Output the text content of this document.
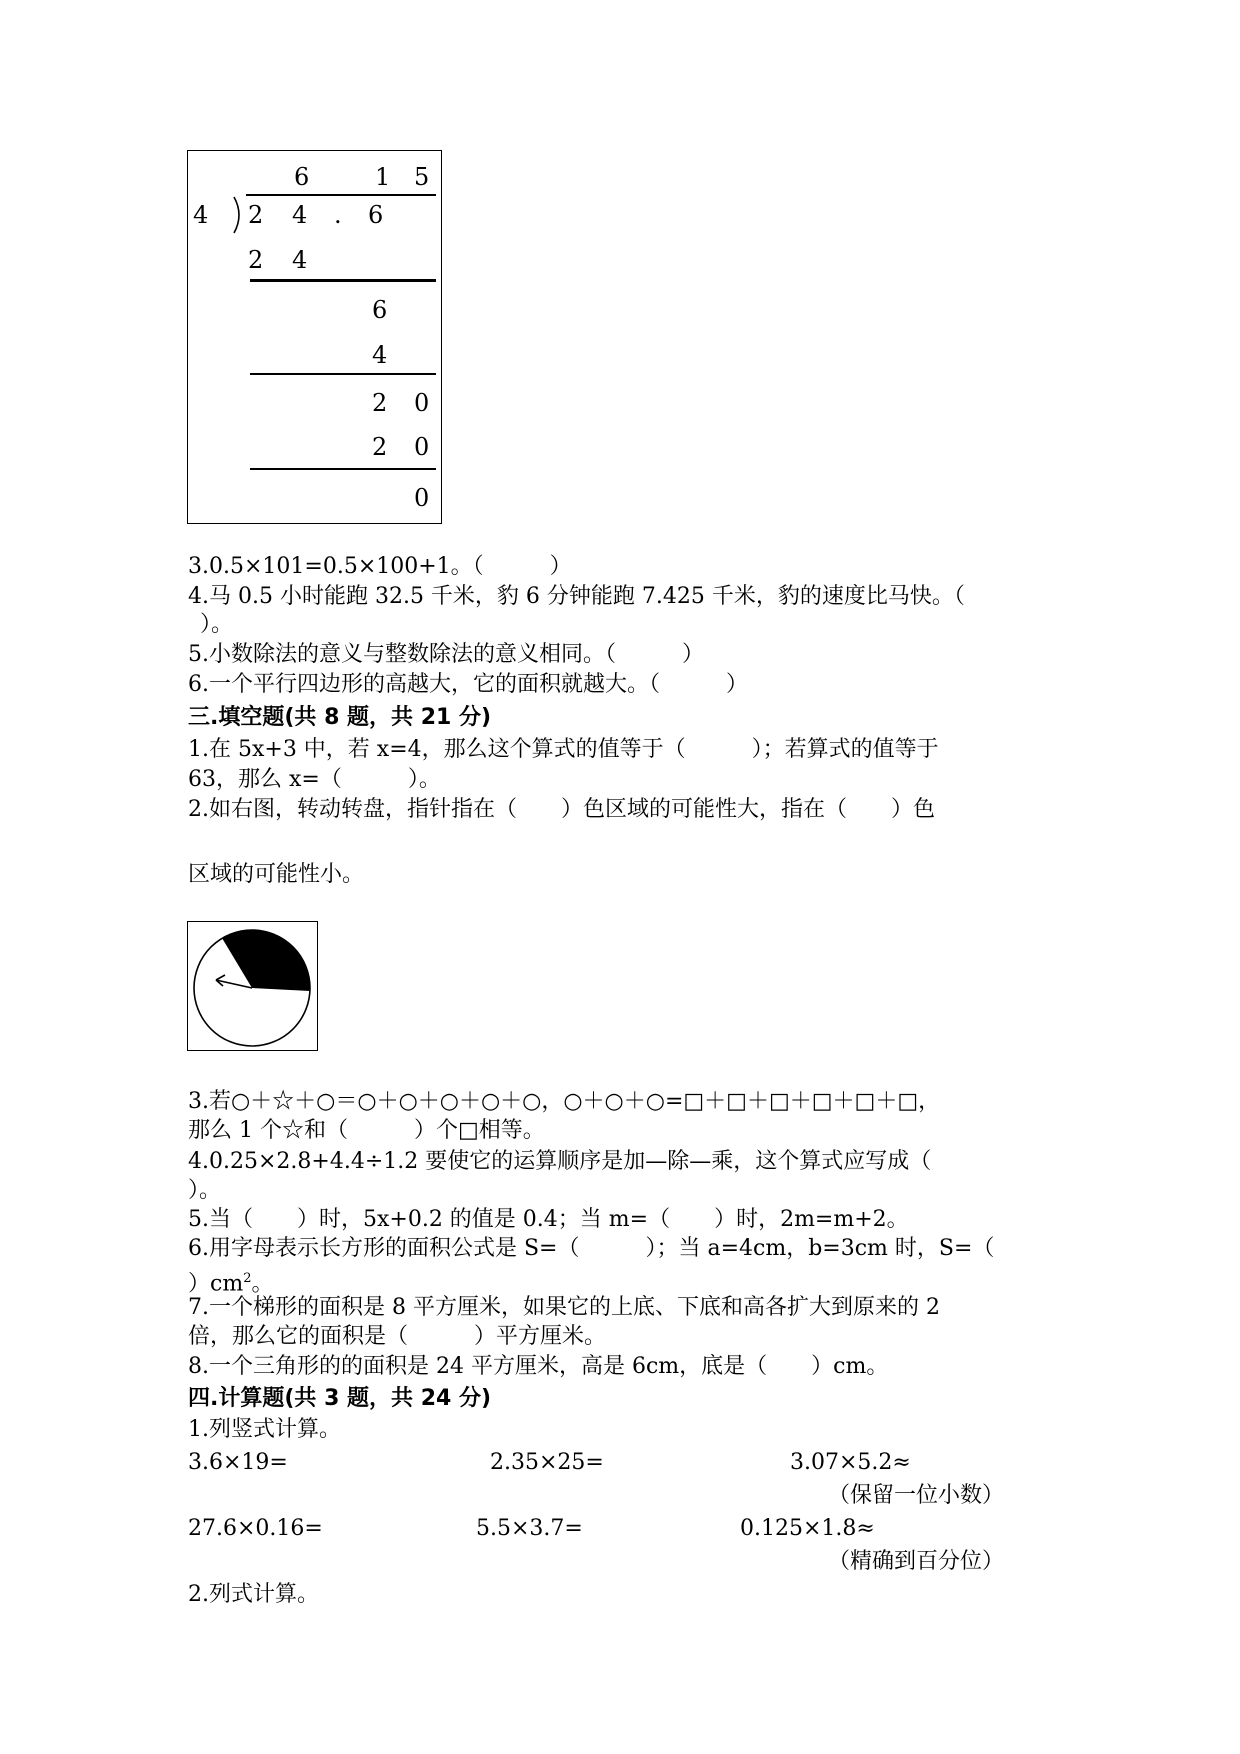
6	1 5
4 2 4 . 6
2 4
6
4
2 0
2 0
0
3.0.5×101=0.5×100+1。（　　　）
4.马 0.5 小时能跑 32.5 千米，豹 6 分钟能跑 7.425 千米，豹的速度比马快。（
）。
5.小数除法的意义与整数除法的意义相同。（　　　）
6.一个平行四边形的高越大，它的面积就越大。（　　　）
三.填空题(共 8 题，共 21 分)
1.在 5x+3 中，若 x=4，那么这个算式的值等于（　　　）；若算式的值等于
63，那么 x=（　　　）。
2.如右图，转动转盘，指针指在（　　）色区域的可能性大，指在（　　）色
区域的可能性小。
3.若○＋☆＋○＝○＋○＋○＋○＋○，○＋○＋○=□＋□＋□＋□＋□＋□，
那么 1 个☆和（　　　）个□相等。
4.0.25×2.8+4.4÷1.2 要使它的运算顺序是加—除—乘，这个算式应写成（
）。
5.当（　　）时，5x+0.2 的值是 0.4；当 m=（　　）时，2m=m+2。
6.用字母表示长方形的面积公式是 S=（　　　）；当 a=4cm，b=3cm 时，S=（
）$cm^2$。
7.一个梯形的面积是 8 平方厘米，如果它的上底、下底和高各扩大到原来的 2
倍，那么它的面积是（　　　）平方厘米。
8.一个三角形的的面积是 24 平方厘米，高是 6cm，底是（　　）cm。
四.计算题(共 3 题，共 24 分)
1.列竖式计算。
3.6×19=	2.35×25=	3.07×5.2≈
（保留一位小数）
27.6×0.16=	5.5×3.7=	0.125×1.8≈
（精确到百分位）
2.列式计算。
